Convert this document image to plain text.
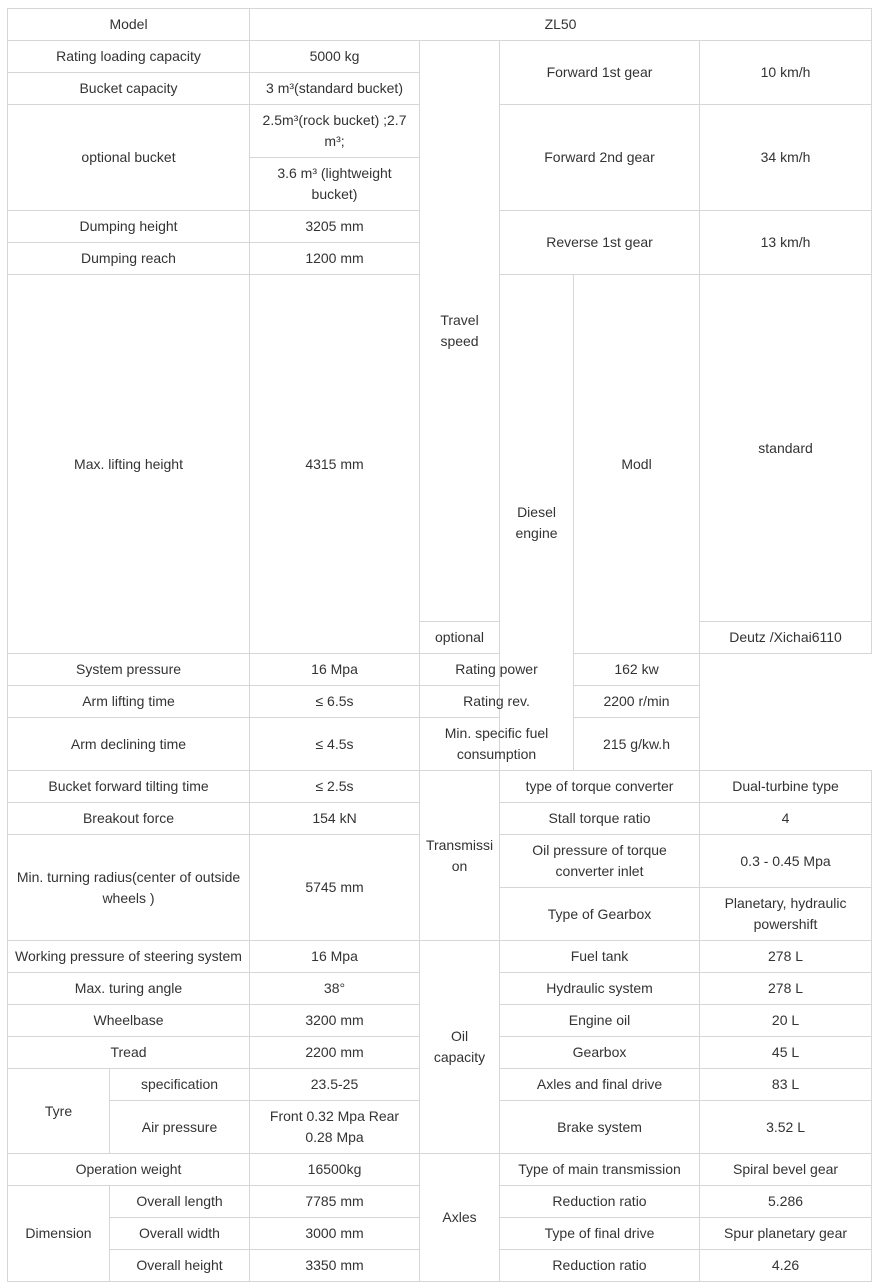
Model		ZL50					
Rating loading capacity		5000 kg	Travel speed	Forward 1st gear		10 km/h	
Bucket capacity		3 m³(standard bucket)					
optional bucket		2.5m³(rock bucket) ;2.7 m³;		Forward 2nd gear		34 km/h	
		3.6 m³ (lightweight bucket)					
Dumping height		3205 mm		Reverse 1st gear		13 km/h	
Dumping reach		1200 mm					
Max. lifting height		4315 mm		Diesel engine	Modl	standard	
			optional			Deutz /Xichai6110	
System pressure		16 Mpa	Rating power		162 kw		
Arm lifting time		≤ 6.5s	Rating rev.		2200 r/min		
Arm declining time		≤ 4.5s	Min. specific fuel consumption		215 g/kw.h		
Bucket forward tilting time		≤ 2.5s	Transmission	type of torque converter		Dual-turbine type	
Breakout force		154 kN		Stall torque ratio		4	
Min. turning radius(center of outside wheels )		5745 mm		Oil pressure of torque converter inlet		0.3 - 0.45 Mpa	
				Type of Gearbox		Planetary, hydraulic powershift	
Working pressure of steering system		16 Mpa	Oil capacity	Fuel tank		278 L	
Max. turing angle		38°		Hydraulic system		278 L	
Wheelbase		3200 mm		Engine oil		20 L	
Tread		2200 mm		Gearbox		45 L	
Tyre	specification	23.5-25		Axles and final drive		83 L	
	Air pressure	Front 0.32 Mpa Rear 0.28 Mpa		Brake system		3.52 L	
Operation weight		16500kg	Axles	Type of main transmission		Spiral bevel gear	
Dimension	Overall length	7785 mm		Reduction ratio		5.286	
	Overall width	3000 mm		Type of final drive		Spur planetary gear	
	Overall height	3350 mm		Reduction ratio		4.26	
